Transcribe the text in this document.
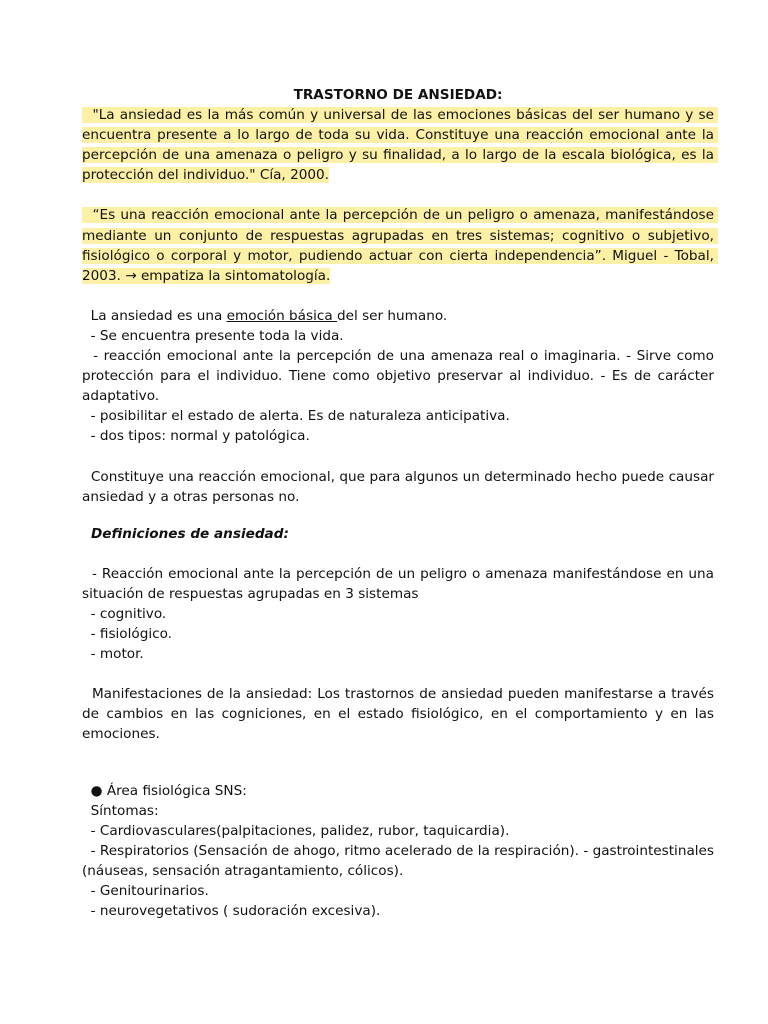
TRASTORNO DE ANSIEDAD:
"La ansiedad es la más común y universal de las emociones básicas del ser humano y se encuentra presente a lo largo de toda su vida. Constituye una reacción emocional ante la percepción de una amenaza o peligro y su finalidad, a lo largo de la escala biológica, es la protección del individuo." Cía, 2000.
“Es una reacción emocional ante la percepción de un peligro o amenaza, manifestándose mediante un conjunto de respuestas agrupadas en tres sistemas; cognitivo o subjetivo, fisiológico o corporal y motor, pudiendo actuar con cierta independencia”. Miguel - Tobal, 2003. → empatiza la sintomatología.
La ansiedad es una emoción básica del ser humano.
- Se encuentra presente toda la vida.
- reacción emocional ante la percepción de una amenaza real o imaginaria. - Sirve como protección para el individuo. Tiene como objetivo preservar al individuo. - Es de carácter adaptativo.
- posibilitar el estado de alerta. Es de naturaleza anticipativa.
- dos tipos: normal y patológica.
Constituye una reacción emocional, que para algunos un determinado hecho puede causar ansiedad y a otras personas no.
Definiciones de ansiedad:
- Reacción emocional ante la percepción de un peligro o amenaza manifestándose en una situación de respuestas agrupadas en 3 sistemas
- cognitivo.
- fisiológico.
- motor.
Manifestaciones de la ansiedad: Los trastornos de ansiedad pueden manifestarse a través de cambios en las cogniciones, en el estado fisiológico, en el comportamiento y en las emociones.
● Área fisiológica SNS:
Síntomas:
- Cardiovasculares(palpitaciones, palidez, rubor, taquicardia).
- Respiratorios (Sensación de ahogo, ritmo acelerado de la respiración). - gastrointestinales (náuseas, sensación atragantamiento, cólicos).
- Genitourinarios.
- neurovegetativos ( sudoración excesiva).
